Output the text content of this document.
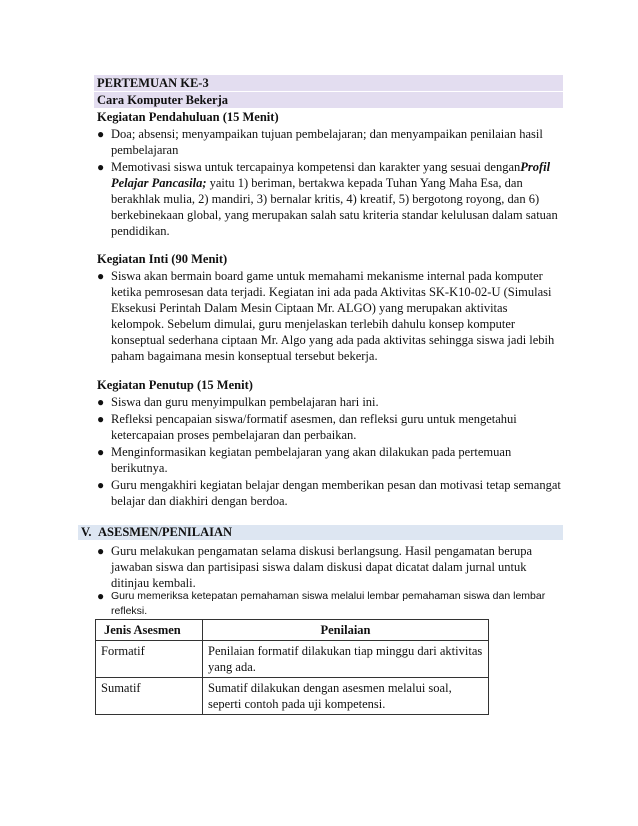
PERTEMUAN KE-3
Cara Komputer Bekerja
Kegiatan Pendahuluan (15 Menit)
● Doa; absensi; menyampaikan tujuan pembelajaran; dan menyampaikan penilaian hasil pembelajaran
● Memotivasi siswa untuk tercapainya kompetensi dan karakter yang sesuai denganProfil Pelajar Pancasila; yaitu 1) beriman, bertakwa kepada Tuhan Yang Maha Esa, dan berakhlak mulia, 2) mandiri, 3) bernalar kritis, 4) kreatif, 5) bergotong royong, dan 6) berkebinekaan global, yang merupakan salah satu kriteria standar kelulusan dalam satuan pendidikan.
Kegiatan Inti (90 Menit)
● Siswa akan bermain board game untuk memahami mekanisme internal pada komputer ketika pemrosesan data terjadi. Kegiatan ini ada pada Aktivitas SK-K10-02-U (Simulasi Eksekusi Perintah Dalam Mesin Ciptaan Mr. ALGO) yang merupakan aktivitas kelompok. Sebelum dimulai, guru menjelaskan terlebih dahulu konsep komputer konseptual sederhana ciptaan Mr. Algo yang ada pada aktivitas sehingga siswa jadi lebih paham bagaimana mesin konseptual tersebut bekerja.
Kegiatan Penutup (15 Menit)
● Siswa dan guru menyimpulkan pembelajaran hari ini.
● Refleksi pencapaian siswa/formatif asesmen, dan refleksi guru untuk mengetahui ketercapaian proses pembelajaran dan perbaikan.
● Menginformasikan kegiatan pembelajaran yang akan dilakukan pada pertemuan berikutnya.
● Guru mengakhiri kegiatan belajar dengan memberikan pesan dan motivasi tetap semangat belajar dan diakhiri dengan berdoa.
V. ASESMEN/PENILAIAN
● Guru melakukan pengamatan selama diskusi berlangsung. Hasil pengamatan berupa jawaban siswa dan partisipasi siswa dalam diskusi dapat dicatat dalam jurnal untuk ditinjau kembali.
● Guru memeriksa ketepatan pemahaman siswa melalui lembar pemahaman siswa dan lembar refleksi.
Jenis Asesmen	Penilaian
Formatif	Penilaian formatif dilakukan tiap minggu dari aktivitas yang ada.
Sumatif	Sumatif dilakukan dengan asesmen melalui soal, seperti contoh pada uji kompetensi.
